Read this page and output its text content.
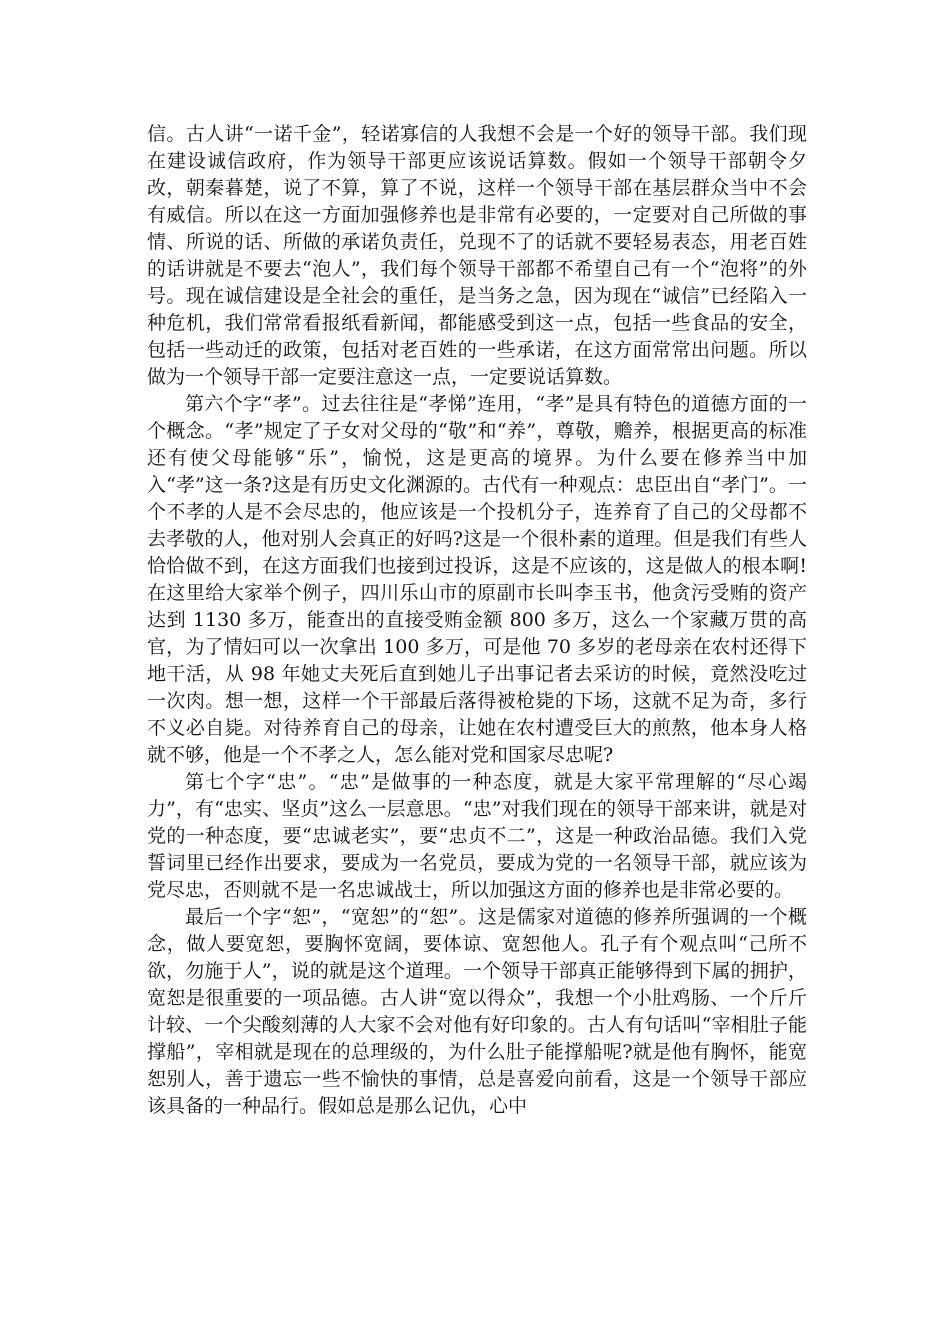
信。古人讲“一诺千金”，轻诺寡信的人我想不会是一个好的领导干部。我们现在建设诚信政府，作为领导干部更应该说话算数。假如一个领导干部朝令夕改，朝秦暮楚，说了不算，算了不说，这样一个领导干部在基层群众当中不会有威信。所以在这一方面加强修养也是非常有必要的，一定要对自己所做的事情、所说的话、所做的承诺负责任，兑现不了的话就不要轻易表态，用老百姓的话讲就是不要去“泡人”，我们每个领导干部都不希望自己有一个“泡将”的外号。现在诚信建设是全社会的重任，是当务之急，因为现在“诚信”已经陷入一种危机，我们常常看报纸看新闻，都能感受到这一点，包括一些食品的安全，包括一些动迁的政策，包括对老百姓的一些承诺，在这方面常常出问题。所以做为一个领导干部一定要注意这一点，一定要说话算数。

第六个字“孝”。过去往往是“孝悌”连用，“孝”是具有特色的道德方面的一个概念。“孝”规定了子女对父母的“敬”和“养”，尊敬，赡养，根据更高的标准还有使父母能够“乐”，愉悦，这是更高的境界。为什么要在修养当中加入“孝”这一条?这是有历史文化渊源的。古代有一种观点：忠臣出自“孝门”。一个不孝的人是不会尽忠的，他应该是一个投机分子，连养育了自己的父母都不去孝敬的人，他对别人会真正的好吗?这是一个很朴素的道理。但是我们有些人恰恰做不到，在这方面我们也接到过投诉，这是不应该的，这是做人的根本啊!在这里给大家举个例子，四川乐山市的原副市长叫李玉书，他贪污受贿的资产达到 1130 多万，能查出的直接受贿金额 800 多万，这么一个家藏万贯的高官，为了情妇可以一次拿出 100 多万，可是他 70 多岁的老母亲在农村还得下地干活，从 98 年她丈夫死后直到她儿子出事记者去采访的时候，竟然没吃过一次肉。想一想，这样一个干部最后落得被枪毙的下场，这就不足为奇，多行不义必自毙。对待养育自己的母亲，让她在农村遭受巨大的煎熬，他本身人格就不够，他是一个不孝之人，怎么能对党和国家尽忠呢?

第七个字“忠”。“忠”是做事的一种态度，就是大家平常理解的“尽心竭力”，有“忠实、坚贞”这么一层意思。“忠”对我们现在的领导干部来讲，就是对党的一种态度，要“忠诚老实”，要“忠贞不二”，这是一种政治品德。我们入党誓词里已经作出要求，要成为一名党员，要成为党的一名领导干部，就应该为党尽忠，否则就不是一名忠诚战士，所以加强这方面的修养也是非常必要的。

最后一个字“恕”，“宽恕”的“恕”。这是儒家对道德的修养所强调的一个概念，做人要宽恕，要胸怀宽阔，要体谅、宽恕他人。孔子有个观点叫“己所不欲，勿施于人”，说的就是这个道理。一个领导干部真正能够得到下属的拥护，宽恕是很重要的一项品德。古人讲“宽以得众”，我想一个小肚鸡肠、一个斤斤计较、一个尖酸刻薄的人大家不会对他有好印象的。古人有句话叫“宰相肚子能撑船”，宰相就是现在的总理级的，为什么肚子能撑船呢?就是他有胸怀，能宽恕别人，善于遗忘一些不愉快的事情，总是喜爱向前看，这是一个领导干部应该具备的一种品行。假如总是那么记仇，心中
